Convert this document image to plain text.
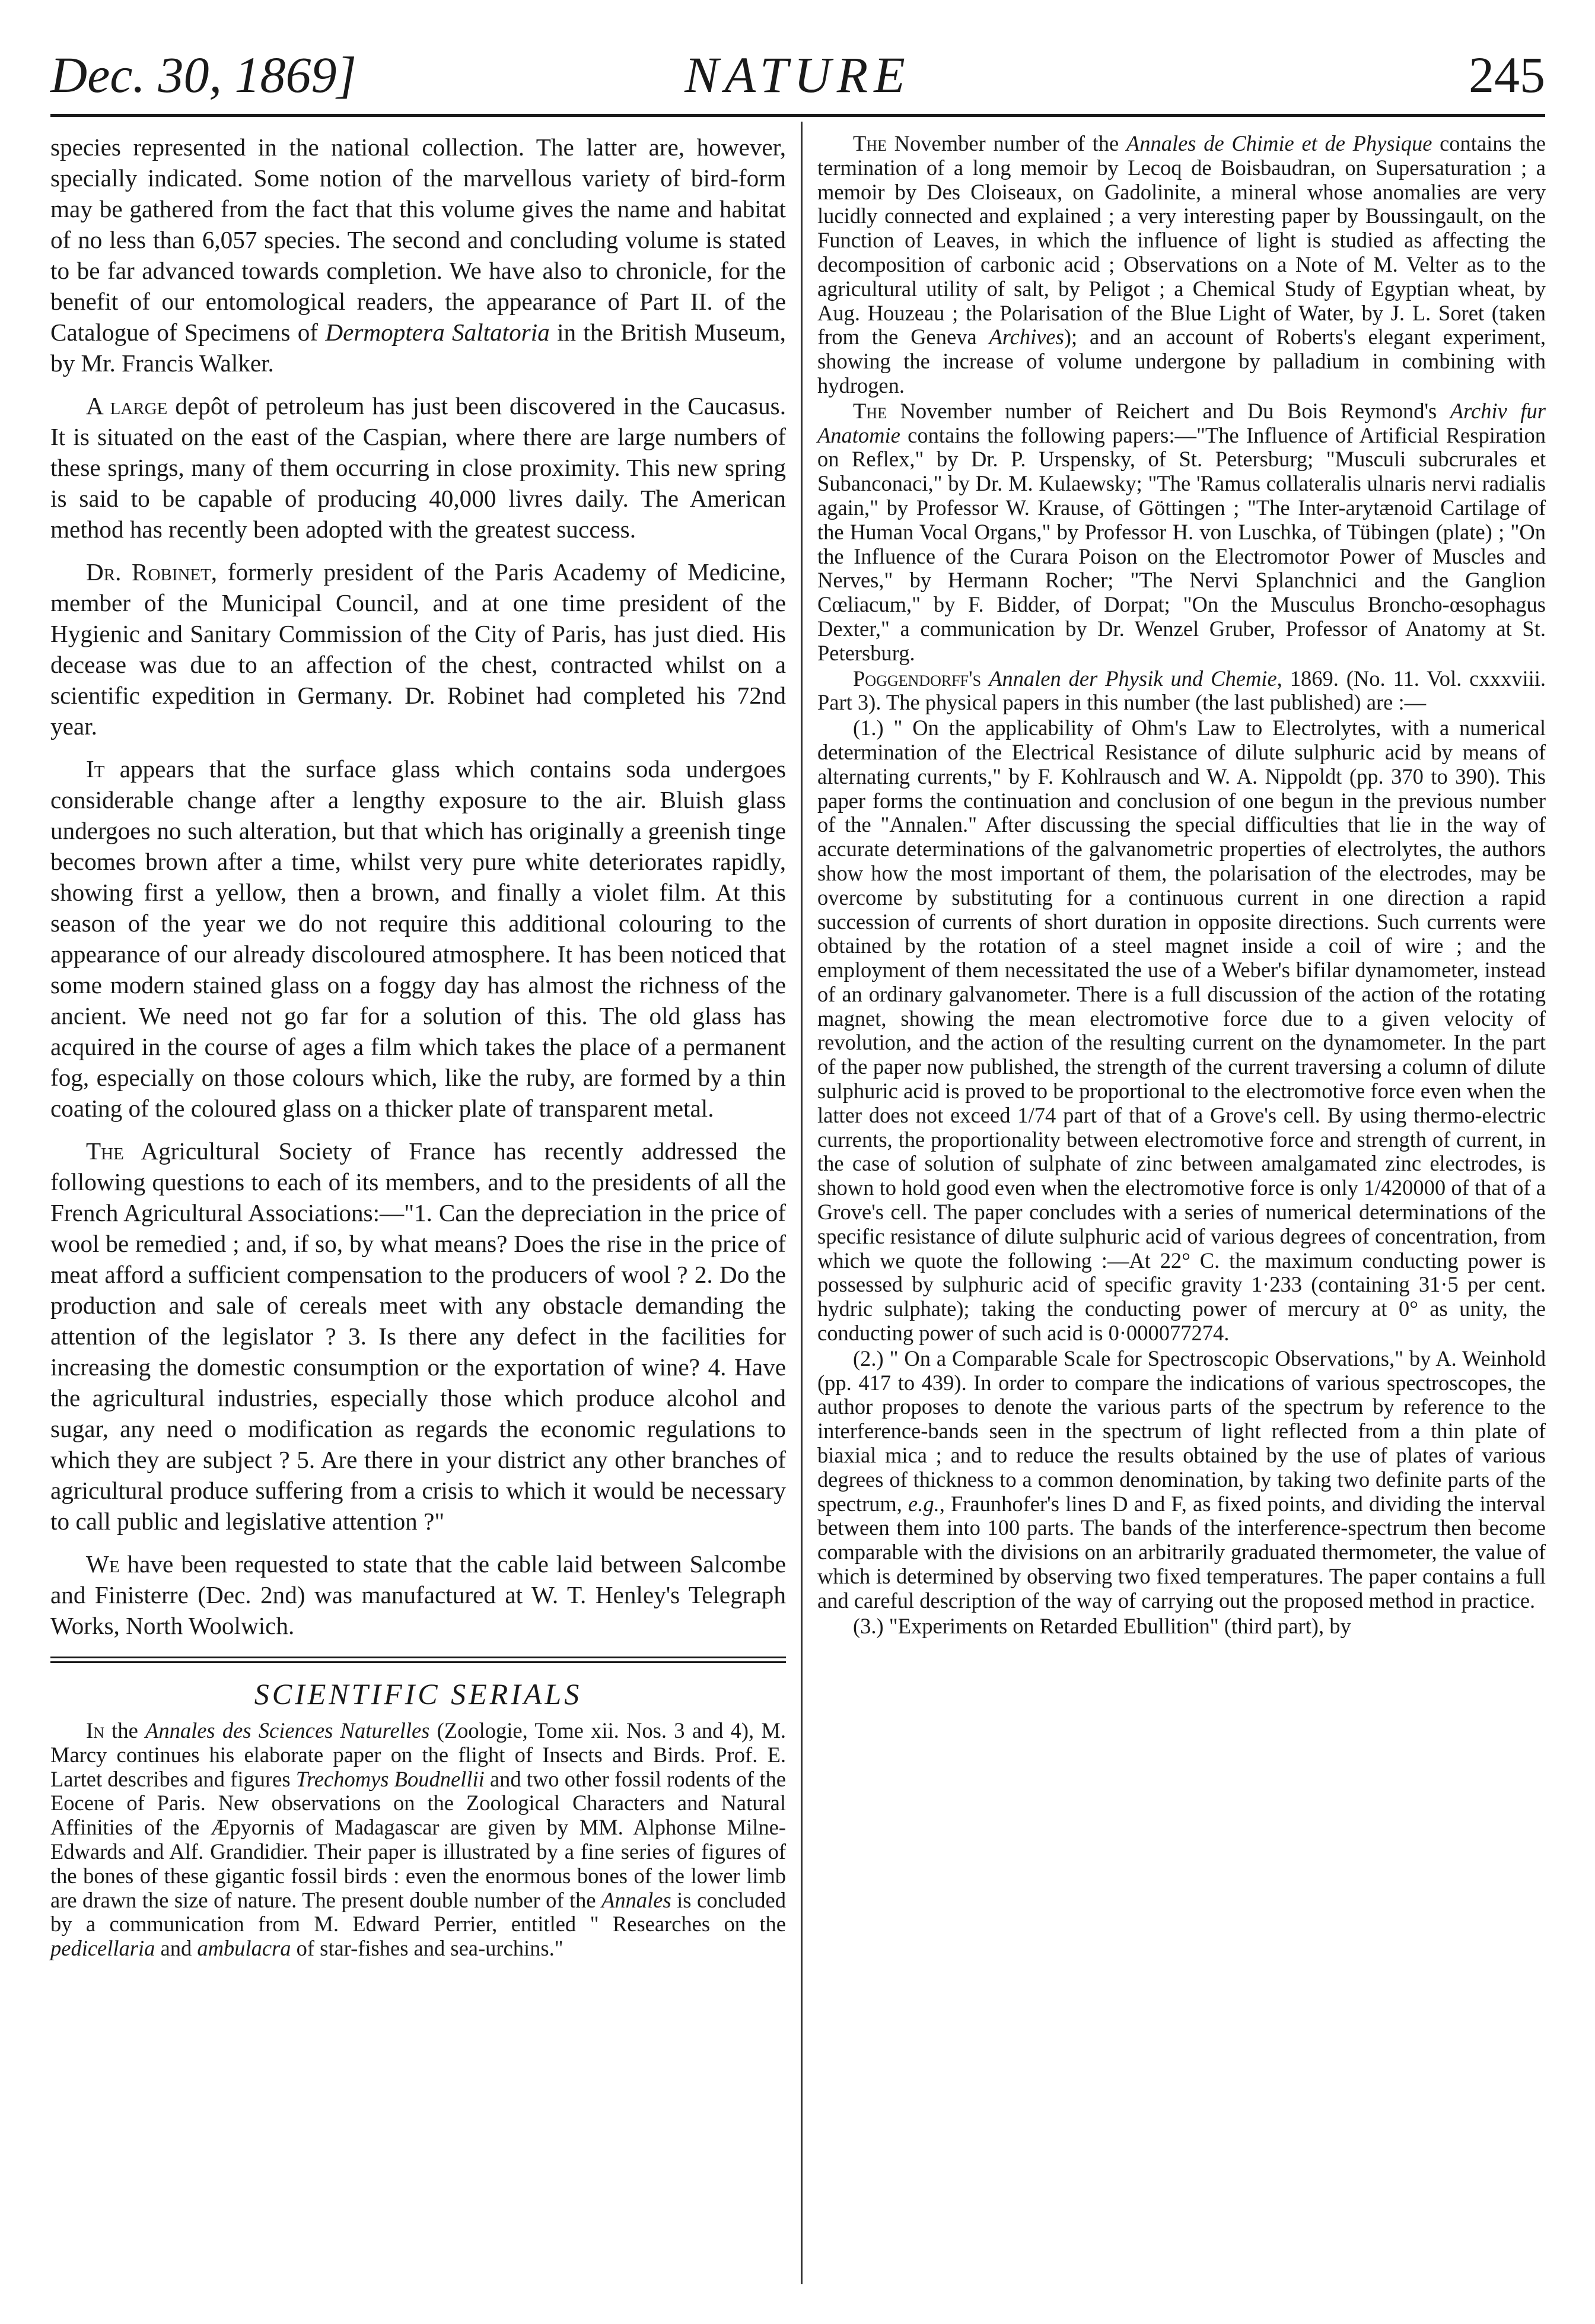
Dec. 30, 1869]	NATURE	245

species represented in the national collection. The latter are, however, specially indicated. Some notion of the marvellous variety of bird-form may be gathered from the fact that this volume gives the name and habitat of no less than 6,057 species. The second and concluding volume is stated to be far advanced towards completion. We have also to chronicle, for the benefit of our entomological readers, the appearance of Part II. of the Catalogue of Specimens of Dermoptera Saltatoria in the British Museum, by Mr. Francis Walker.

A large depôt of petroleum has just been discovered in the Caucasus. It is situated on the east of the Caspian, where there are large numbers of these springs, many of them occurring in close proximity. This new spring is said to be capable of producing 40,000 livres daily. The American method has recently been adopted with the greatest success.

Dr. Robinet, formerly president of the Paris Academy of Medicine, member of the Municipal Council, and at one time president of the Hygienic and Sanitary Commission of the City of Paris, has just died. His decease was due to an affection of the chest, contracted whilst on a scientific expedition in Germany. Dr. Robinet had completed his 72nd year.

It appears that the surface glass which contains soda undergoes considerable change after a lengthy exposure to the air. Bluish glass undergoes no such alteration, but that which has originally a greenish tinge becomes brown after a time, whilst very pure white deteriorates rapidly, showing first a yellow, then a brown, and finally a violet film. At this season of the year we do not require this additional colouring to the appearance of our already discoloured atmosphere. It has been noticed that some modern stained glass on a foggy day has almost the richness of the ancient. We need not go far for a solution of this. The old glass has acquired in the course of ages a film which takes the place of a permanent fog, especially on those colours which, like the ruby, are formed by a thin coating of the coloured glass on a thicker plate of transparent metal.

The Agricultural Society of France has recently addressed the following questions to each of its members, and to the presidents of all the French Agricultural Associations:—"1. Can the depreciation in the price of wool be remedied ; and, if so, by what means? Does the rise in the price of meat afford a sufficient compensation to the producers of wool ? 2. Do the production and sale of cereals meet with any obstacle demanding the attention of the legislator ? 3. Is there any defect in the facilities for increasing the domestic consumption or the exportation of wine? 4. Have the agricultural industries, especially those which produce alcohol and sugar, any need o modification as regards the economic regulations to which they are subject ? 5. Are there in your district any other branches of agricultural produce suffering from a crisis to which it would be necessary to call public and legislative attention ?"

We have been requested to state that the cable laid between Salcombe and Finisterre (Dec. 2nd) was manufactured at W. T. Henley's Telegraph Works, North Woolwich.

SCIENTIFIC SERIALS

In the Annales des Sciences Naturelles (Zoologie, Tome xii. Nos. 3 and 4), M. Marcy continues his elaborate paper on the flight of Insects and Birds. Prof. E. Lartet describes and figures Trechomys Boudnellii and two other fossil rodents of the Eocene of Paris. New observations on the Zoological Characters and Natural Affinities of the Æpyornis of Madagascar are given by MM. Alphonse Milne-Edwards and Alf. Grandidier. Their paper is illustrated by a fine series of figures of the bones of these gigantic fossil birds : even the enormous bones of the lower limb are drawn the size of nature. The present double number of the Annales is concluded by a communication from M. Edward Perrier, entitled " Researches on the pedicellaria and ambulacra of star-fishes and sea-urchins."

The November number of the Annales de Chimie et de Physique contains the termination of a long memoir by Lecoq de Boisbaudran, on Supersaturation ; a memoir by Des Cloiseaux, on Gadolinite, a mineral whose anomalies are very lucidly connected and explained ; a very interesting paper by Boussingault, on the Function of Leaves, in which the influence of light is studied as affecting the decomposition of carbonic acid ; Observations on a Note of M. Velter as to the agricultural utility of salt, by Peligot ; a Chemical Study of Egyptian wheat, by Aug. Houzeau ; the Polarisation of the Blue Light of Water, by J. L. Soret (taken from the Geneva Archives); and an account of Roberts's elegant experiment, showing the increase of volume undergone by palladium in combining with hydrogen.

The November number of Reichert and Du Bois Reymond's Archiv fur Anatomie contains the following papers:—"The Influence of Artificial Respiration on Reflex," by Dr. P. Urspensky, of St. Petersburg; "Musculi subcrurales et Subanconaci," by Dr. M. Kulaewsky; "The 'Ramus collateralis ulnaris nervi radialis again," by Professor W. Krause, of Göttingen ; "The Inter-arytænoid Cartilage of the Human Vocal Organs," by Professor H. von Luschka, of Tübingen (plate) ; "On the Influence of the Curara Poison on the Electromotor Power of Muscles and Nerves," by Hermann Rocher; "The Nervi Splanchnici and the Ganglion Cœliacum," by F. Bidder, of Dorpat; "On the Musculus Broncho-œsophagus Dexter," a communication by Dr. Wenzel Gruber, Professor of Anatomy at St. Petersburg.

Poggendorff's Annalen der Physik und Chemie, 1869. (No. 11. Vol. cxxxviii. Part 3). The physical papers in this number (the last published) are :—

(1.) " On the applicability of Ohm's Law to Electrolytes, with a numerical determination of the Electrical Resistance of dilute sulphuric acid by means of alternating currents," by F. Kohlrausch and W. A. Nippoldt (pp. 370 to 390). This paper forms the continuation and conclusion of one begun in the previous number of the "Annalen." After discussing the special difficulties that lie in the way of accurate determinations of the galvanometric properties of electrolytes, the authors show how the most important of them, the polarisation of the electrodes, may be overcome by substituting for a continuous current in one direction a rapid succession of currents of short duration in opposite directions. Such currents were obtained by the rotation of a steel magnet inside a coil of wire ; and the employment of them necessitated the use of a Weber's bifilar dynamometer, instead of an ordinary galvanometer. There is a full discussion of the action of the rotating magnet, showing the mean electromotive force due to a given velocity of revolution, and the action of the resulting current on the dynamometer. In the part of the paper now published, the strength of the current traversing a column of dilute sulphuric acid is proved to be proportional to the electromotive force even when the latter does not exceed 1/74 part of that of a Grove's cell. By using thermo-electric currents, the proportionality between electromotive force and strength of current, in the case of solution of sulphate of zinc between amalgamated zinc electrodes, is shown to hold good even when the electromotive force is only 1/420000 of that of a Grove's cell. The paper concludes with a series of numerical determinations of the specific resistance of dilute sulphuric acid of various degrees of concentration, from which we quote the following :—At 22° C. the maximum conducting power is possessed by sulphuric acid of specific gravity 1·233 (containing 31·5 per cent. hydric sulphate); taking the conducting power of mercury at 0° as unity, the conducting power of such acid is 0·000077274.

(2.) " On a Comparable Scale for Spectroscopic Observations," by A. Weinhold (pp. 417 to 439). In order to compare the indications of various spectroscopes, the author proposes to denote the various parts of the spectrum by reference to the interference-bands seen in the spectrum of light reflected from a thin plate of biaxial mica ; and to reduce the results obtained by the use of plates of various degrees of thickness to a common denomination, by taking two definite parts of the spectrum, e.g., Fraunhofer's lines D and F, as fixed points, and dividing the interval between them into 100 parts. The bands of the interference-spectrum then become comparable with the divisions on an arbitrarily graduated thermometer, the value of which is determined by observing two fixed temperatures. The paper contains a full and careful description of the way of carrying out the proposed method in practice.

(3.) "Experiments on Retarded Ebullition" (third part), by
